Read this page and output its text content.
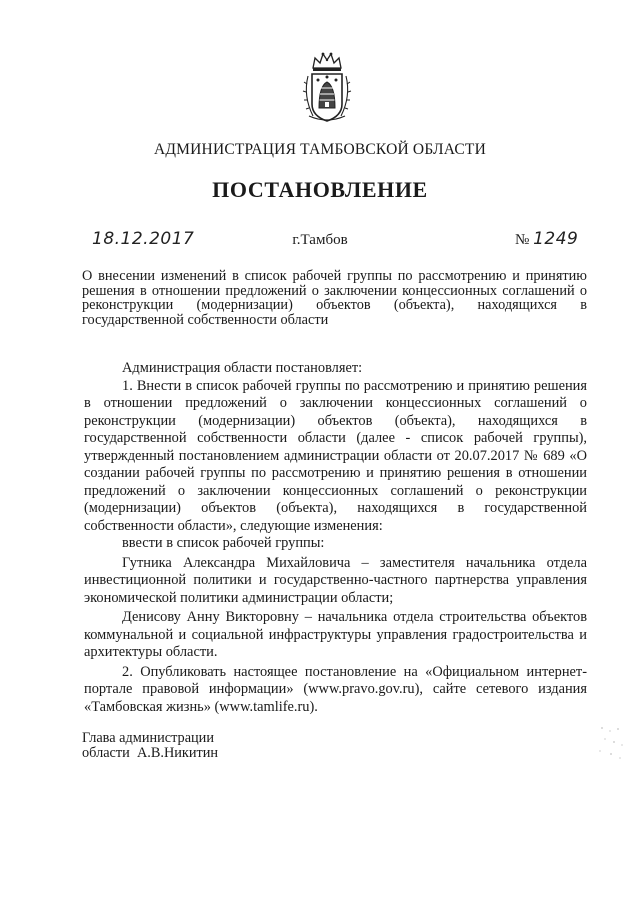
АДМИНИСТРАЦИЯ ТАМБОВСКОЙ ОБЛАСТИ
ПОСТАНОВЛЕНИЕ
18.12.2017	г.Тамбов	№ 1249

О внесении изменений в список рабочей группы по рассмотрению и принятию решения в отношении предложений о заключении концессионных соглашений о реконструкции (модернизации) объектов (объекта), находящихся в государственной собственности области

Администрация области постановляет:

1. Внести в список рабочей группы по рассмотрению и принятию решения в отношении предложений о заключении концессионных соглашений о реконструкции (модернизации) объектов (объекта), находящихся в государственной собственности области (далее - список рабочей группы), утвержденный постановлением администрации области от 20.07.2017 № 689 «О создании рабочей группы по рассмотрению и принятию решения в отношении предложений о заключении концессионных соглашений о реконструкции (модернизации) объектов (объекта), находящихся в государственной собственности области», следующие изменения:

ввести в список рабочей группы:

Гутника Александра Михайловича – заместителя начальника отдела инвестиционной политики и государственно-частного партнерства управления экономической политики администрации области;

Денисову Анну Викторовну – начальника отдела строительства объектов коммунальной и социальной инфраструктуры управления градостроительства и архитектуры области.

2. Опубликовать настоящее постановление на «Официальном интернет-портале правовой информации» (www.pravo.gov.ru), сайте сетевого издания «Тамбовская жизнь» (www.tamlife.ru).

Глава администрации
области  А.В.Никитин
